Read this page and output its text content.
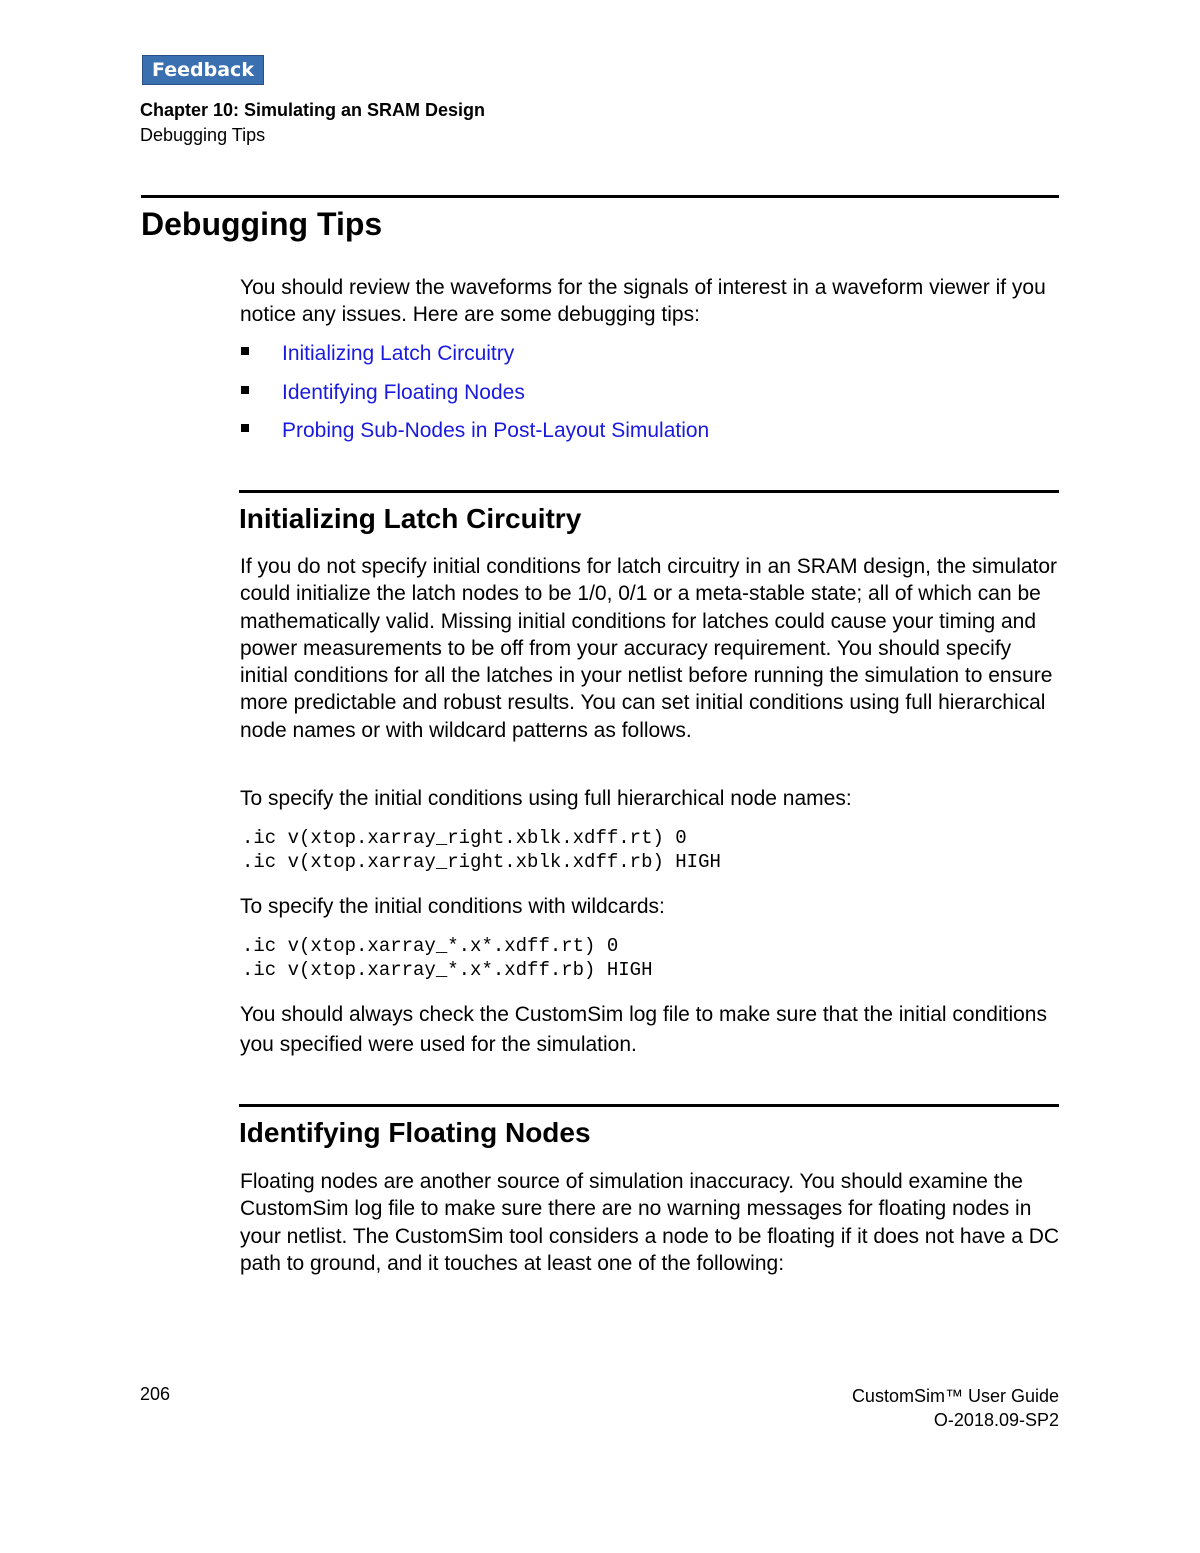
Feedback
Chapter 10: Simulating an SRAM Design
Debugging Tips
Debugging Tips

You should review the waveforms for the signals of interest in a waveform viewer if you notice any issues. Here are some debugging tips:

Initializing Latch Circuitry
Identifying Floating Nodes
Probing Sub-Nodes in Post-Layout Simulation
Initializing Latch Circuitry

If you do not specify initial conditions for latch circuitry in an SRAM design, the simulator could initialize the latch nodes to be 1/0, 0/1 or a meta-stable state; all of which can be mathematically valid. Missing initial conditions for latches could cause your timing and power measurements to be off from your accuracy requirement. You should specify initial conditions for all the latches in your netlist before running the simulation to ensure more predictable and robust results. You can set initial conditions using full hierarchical node names or with wildcard patterns as follows.

To specify the initial conditions using full hierarchical node names:

.ic v(xtop.xarray_right.xblk.xdff.rt) 0
.ic v(xtop.xarray_right.xblk.xdff.rb) HIGH

To specify the initial conditions with wildcards:

.ic v(xtop.xarray_*.x*.xdff.rt) 0
.ic v(xtop.xarray_*.x*.xdff.rb) HIGH

You should always check the CustomSim log file to make sure that the initial conditions you specified were used for the simulation.

Identifying Floating Nodes

Floating nodes are another source of simulation inaccuracy. You should examine the CustomSim log file to make sure there are no warning messages for floating nodes in your netlist. The CustomSim tool considers a node to be floating if it does not have a DC path to ground, and it touches at least one of the following:

206	CustomSim™ User Guide
O-2018.09-SP2
